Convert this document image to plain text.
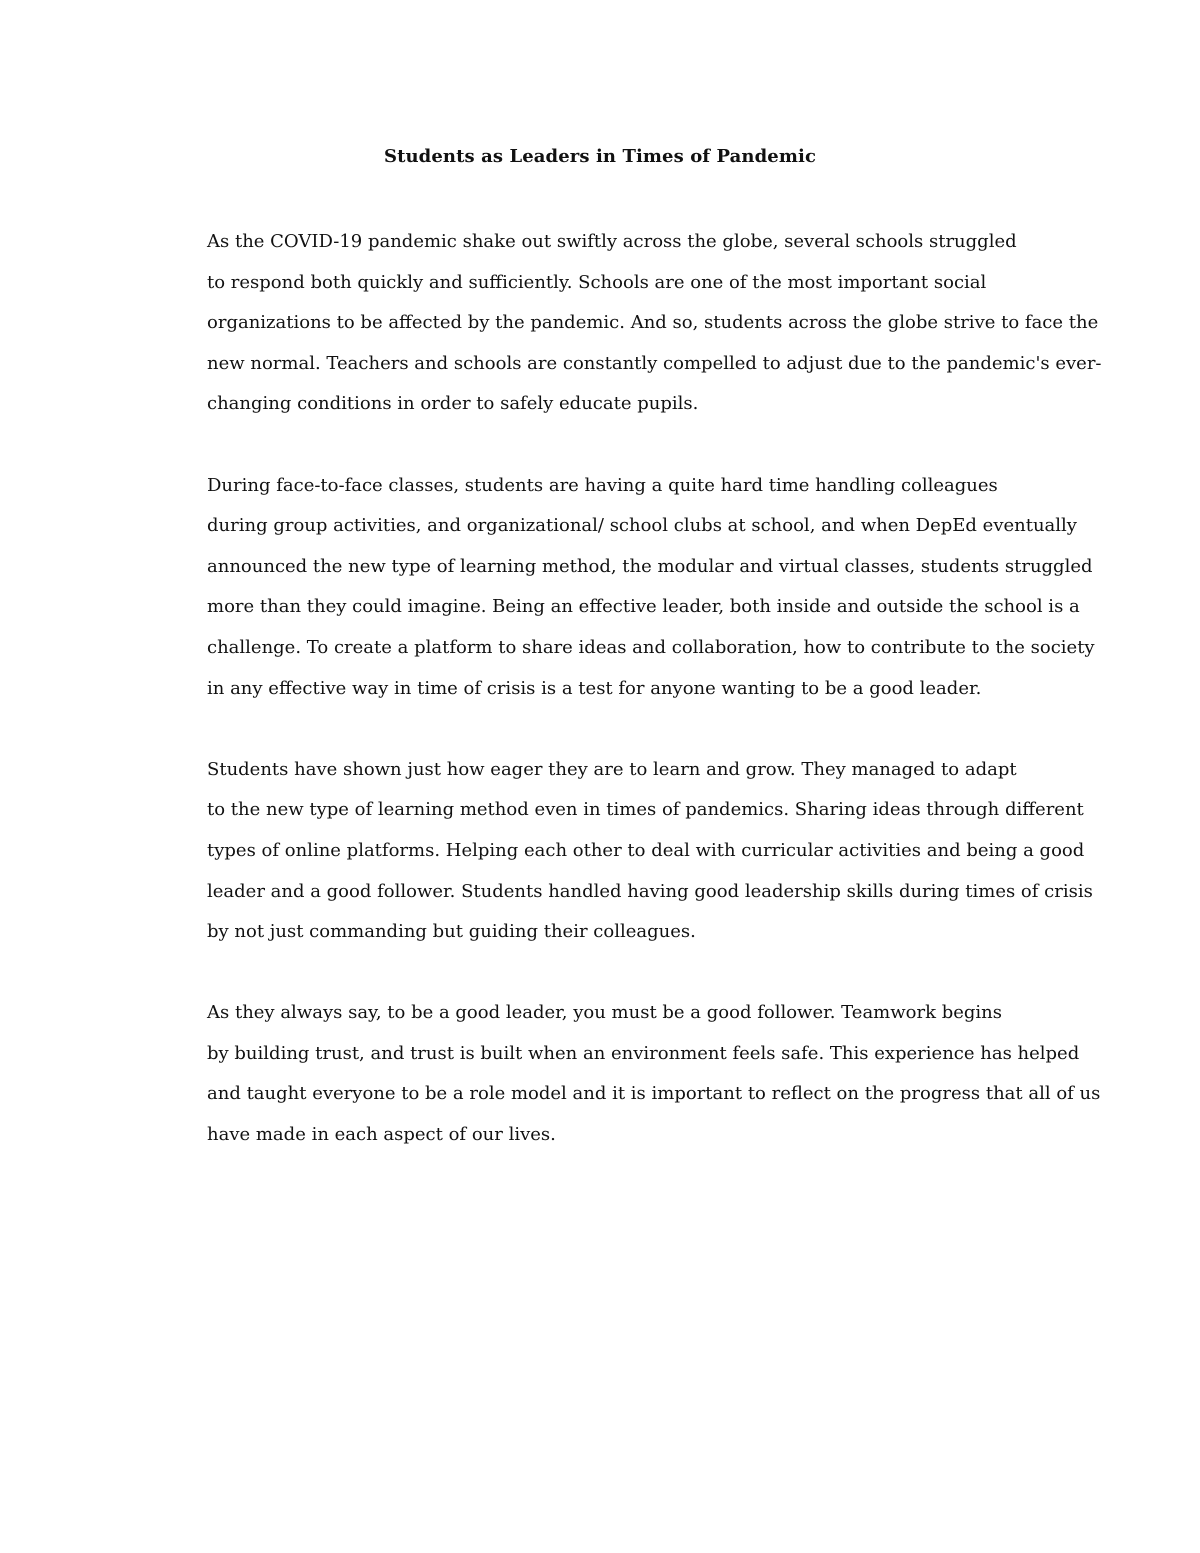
Students as Leaders in Times of Pandemic

As the COVID-19 pandemic shake out swiftly across the globe, several schools struggled
to respond both quickly and sufficiently. Schools are one of the most important social
organizations to be affected by the pandemic. And so, students across the globe strive to face the
new normal. Teachers and schools are constantly compelled to adjust due to the pandemic's ever-
changing conditions in order to safely educate pupils.

During face-to-face classes, students are having a quite hard time handling colleagues
during group activities, and organizational/ school clubs at school, and when DepEd eventually
announced the new type of learning method, the modular and virtual classes, students struggled
more than they could imagine. Being an effective leader, both inside and outside the school is a
challenge. To create a platform to share ideas and collaboration, how to contribute to the society
in any effective way in time of crisis is a test for anyone wanting to be a good leader.

Students have shown just how eager they are to learn and grow. They managed to adapt
to the new type of learning method even in times of pandemics. Sharing ideas through different
types of online platforms. Helping each other to deal with curricular activities and being a good
leader and a good follower. Students handled having good leadership skills during times of crisis
by not just commanding but guiding their colleagues.

As they always say, to be a good leader, you must be a good follower. Teamwork begins
by building trust, and trust is built when an environment feels safe. This experience has helped
and taught everyone to be a role model and it is important to reflect on the progress that all of us
have made in each aspect of our lives.
